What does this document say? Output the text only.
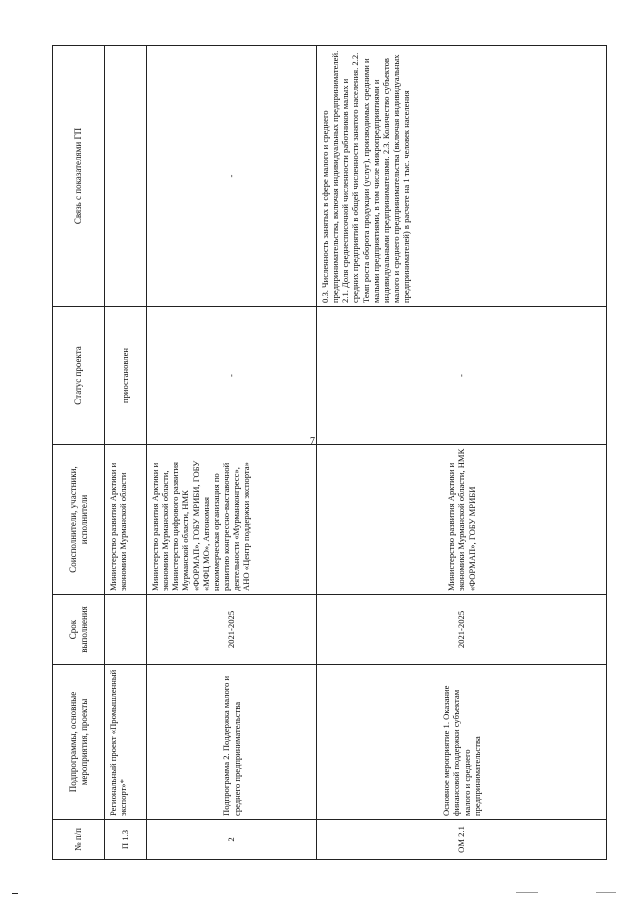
7
№ п/п	Подпрограммы, основные мероприятия, проекты	Срок выполнения	Соисполнители, участники, исполнители	Статус проекта	Связь с показателями ГП
П 1.3	Региональный проект «Промышленный экспорт»*		Министерство развития Арктики и экономики Мурманской области	приостановлен	
2	Подпрограмма 2. Поддержка малого и среднего предпринимательства	2021-2025	Министерство развития Арктики и экономики Мурманской области, Министерство цифрового развития Мурманской области, НМК «ФОРМАП», ГОБУ МРИБИ, ГОБУ «МФЦ МО», Автономная некоммерческая организация по развитию конгрессно-выставочной деятельности «Мурманконгресс», АНО «Центр поддержки экспорта»	-	-
ОМ 2.1	Основное мероприятие 1. Оказание финансовой поддержки субъектам малого и среднего предпринимательства	2021-2025	Министерство развития Арктики и экономики Мурманской области, НМК «ФОРМАП», ГОБУ МРИБИ	-	0.3. Численность занятых в сфере малого и среднего предпринимательства, включая индивидуальных предпринимателей. 2.1. Доля среднесписочной численности работников малых и средних предприятий в общей численности занятого населения. 2.2. Темп роста оборота продукции (услуг), производимых средними и малыми предприятиями, в том числе микропредприятиями и индивидуальными предпринимателями. 2.3. Количество субъектов малого и среднего предпринимательства (включая индивидуальных предпринимателей) в расчете на 1 тыс. человек населения
